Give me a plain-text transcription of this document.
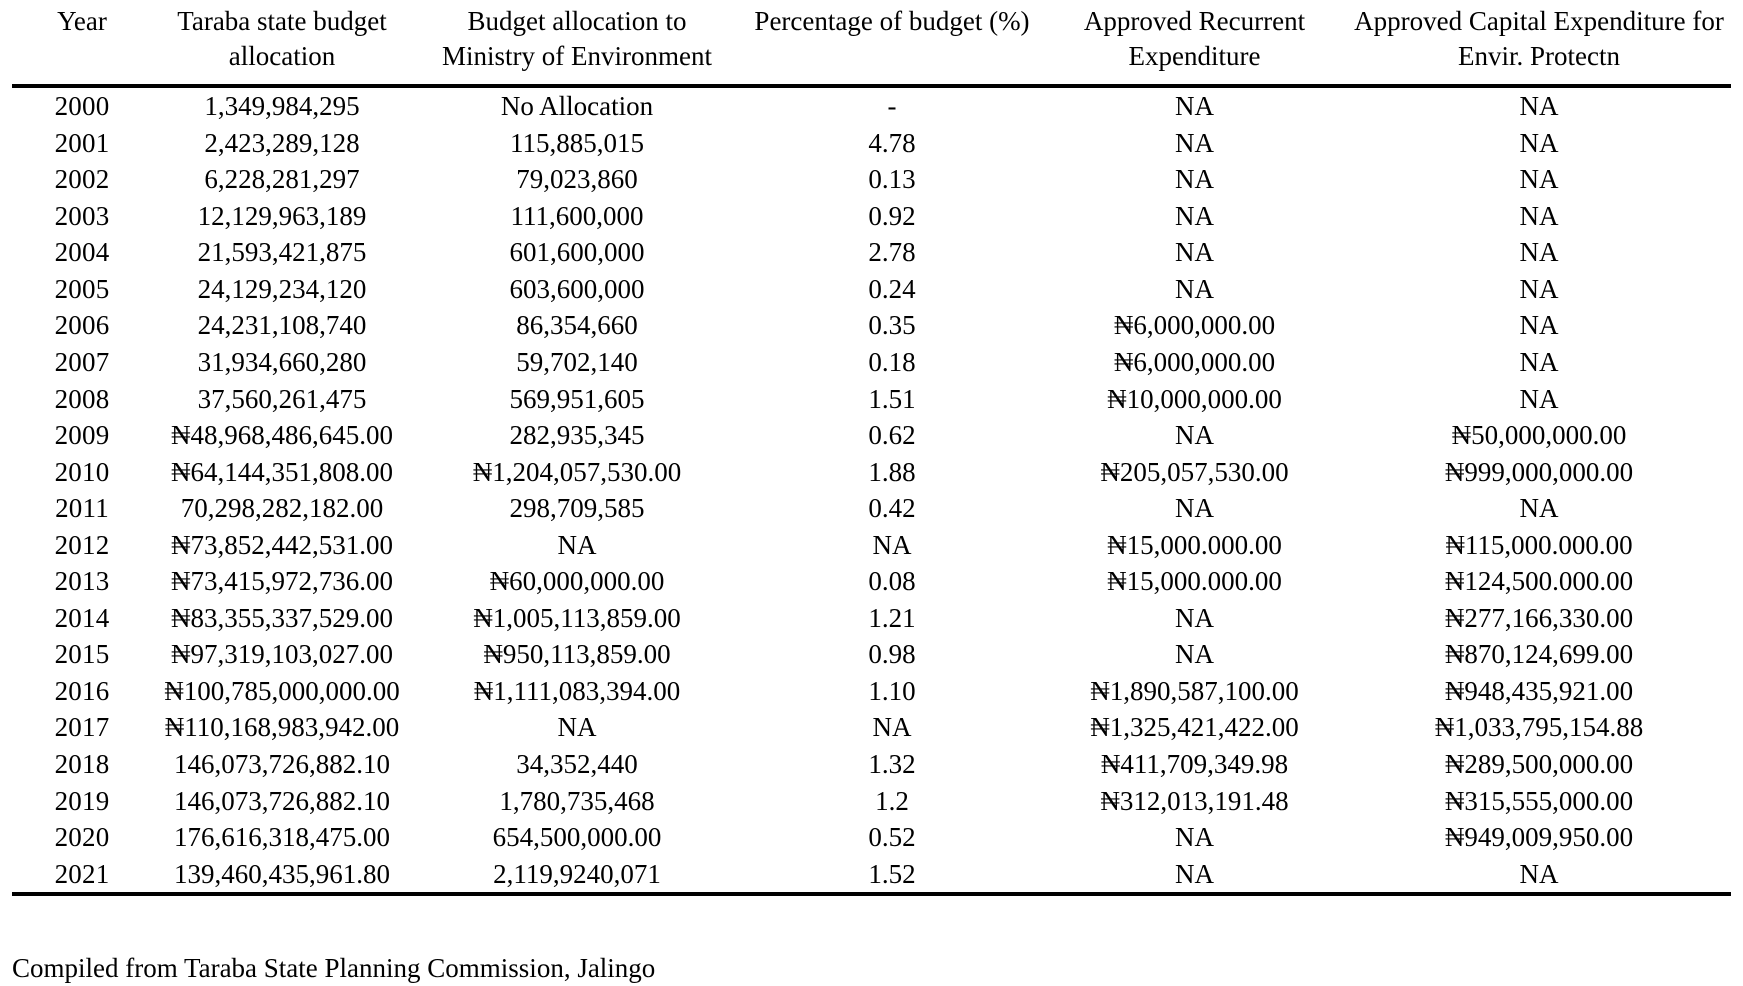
Year	Taraba state budget allocation	Budget allocation to Ministry of Environment	Percentage of budget (%)	Approved Recurrent Expenditure	Approved Capital Expenditure for Envir. Protectn
2000	1,349,984,295	No Allocation	-	NA	NA
2001	2,423,289,128	115,885,015	4.78	NA	NA
2002	6,228,281,297	79,023,860	0.13	NA	NA
2003	12,129,963,189	111,600,000	0.92	NA	NA
2004	21,593,421,875	601,600,000	2.78	NA	NA
2005	24,129,234,120	603,600,000	0.24	NA	NA
2006	24,231,108,740	86,354,660	0.35	₦6,000,000.00	NA
2007	31,934,660,280	59,702,140	0.18	₦6,000,000.00	NA
2008	37,560,261,475	569,951,605	1.51	₦10,000,000.00	NA
2009	₦48,968,486,645.00	282,935,345	0.62	NA	₦50,000,000.00
2010	₦64,144,351,808.00	₦1,204,057,530.00	1.88	₦205,057,530.00	₦999,000,000.00
2011	70,298,282,182.00	298,709,585	0.42	NA	NA
2012	₦73,852,442,531.00	NA	NA	₦15,000.000.00	₦115,000.000.00
2013	₦73,415,972,736.00	₦60,000,000.00	0.08	₦15,000.000.00	₦124,500.000.00
2014	₦83,355,337,529.00	₦1,005,113,859.00	1.21	NA	₦277,166,330.00
2015	₦97,319,103,027.00	₦950,113,859.00	0.98	NA	₦870,124,699.00
2016	₦100,785,000,000.00	₦1,111,083,394.00	1.10	₦1,890,587,100.00	₦948,435,921.00
2017	₦110,168,983,942.00	NA	NA	₦1,325,421,422.00	₦1,033,795,154.88
2018	146,073,726,882.10	34,352,440	1.32	₦411,709,349.98	₦289,500,000.00
2019	146,073,726,882.10	1,780,735,468	1.2	₦312,013,191.48	₦315,555,000.00
2020	176,616,318,475.00	654,500,000.00	0.52	NA	₦949,009,950.00
2021	139,460,435,961.80	2,119,9240,071	1.52	NA	NA
Compiled from Taraba State Planning Commission, Jalingo
